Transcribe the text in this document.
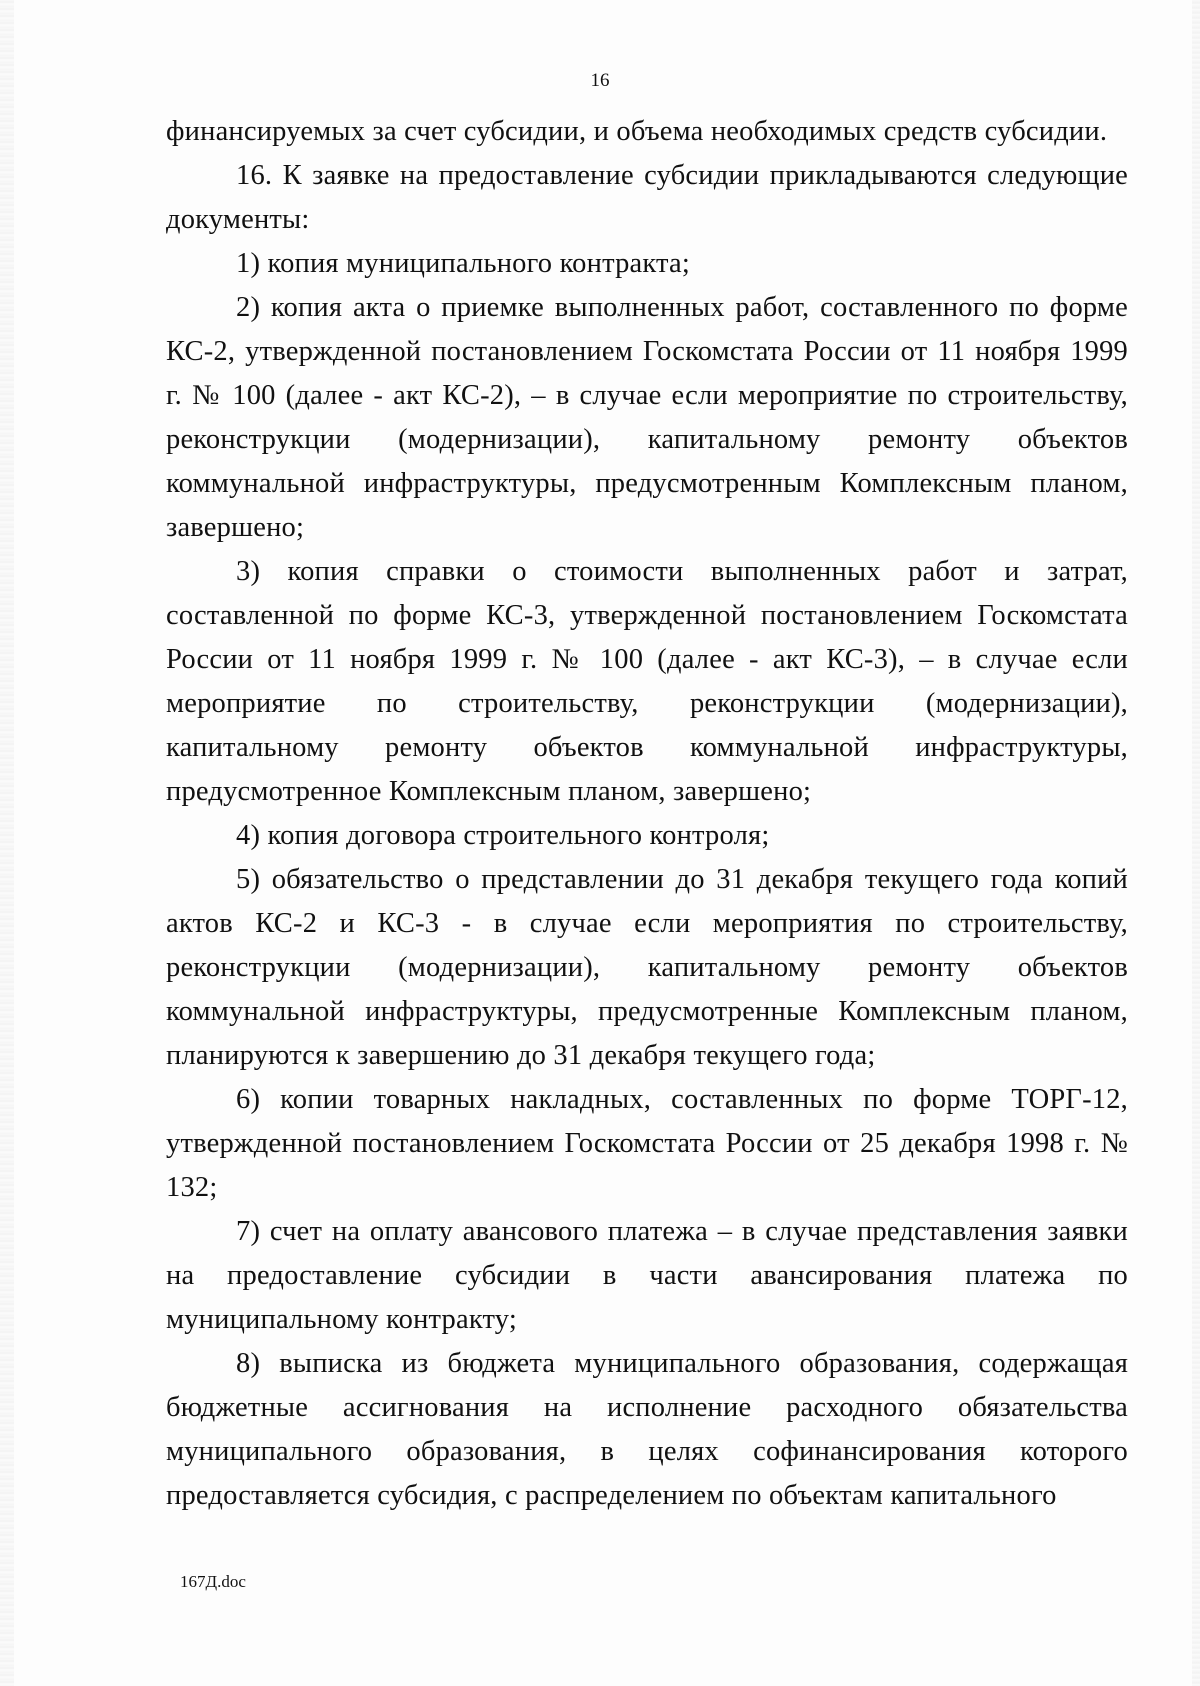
16

финансируемых за счет субсидии, и объема необходимых средств субсидии.

16. К заявке на предоставление субсидии прикладываются следующие документы:

1) копия муниципального контракта;

2) копия акта о приемке выполненных работ, составленного по форме КС-2, утвержденной постановлением Госкомстата России от 11 ноября 1999 г. № 100 (далее - акт КС-2), – в случае если мероприятие по строительству, реконструкции (модернизации), капитальному ремонту объектов коммунальной инфраструктуры, предусмотренным Комплексным планом, завершено;

3) копия справки о стоимости выполненных работ и затрат, составленной по форме КС-3, утвержденной постановлением Госкомстата России от 11 ноября 1999 г. № 100 (далее - акт КС-3), – в случае если мероприятие по строительству, реконструкции (модернизации), капитальному ремонту объектов коммунальной инфраструктуры, предусмотренное Комплексным планом, завершено;

4) копия договора строительного контроля;

5) обязательство о представлении до 31 декабря текущего года копий актов КС-2 и КС-3 - в случае если мероприятия по строительству, реконструкции (модернизации), капитальному ремонту объектов коммунальной инфраструктуры, предусмотренные Комплексным планом, планируются к завершению до 31 декабря текущего года;

6) копии товарных накладных, составленных по форме ТОРГ-12, утвержденной постановлением Госкомстата России от 25 декабря 1998 г. № 132;

7) счет на оплату авансового платежа – в случае представления заявки на предоставление субсидии в части авансирования платежа по муниципальному контракту;

8) выписка из бюджета муниципального образования, содержащая бюджетные ассигнования на исполнение расходного обязательства муниципального образования, в целях софинансирования которого предоставляется субсидия, с распределением по объектам капитального

167Д.doc
